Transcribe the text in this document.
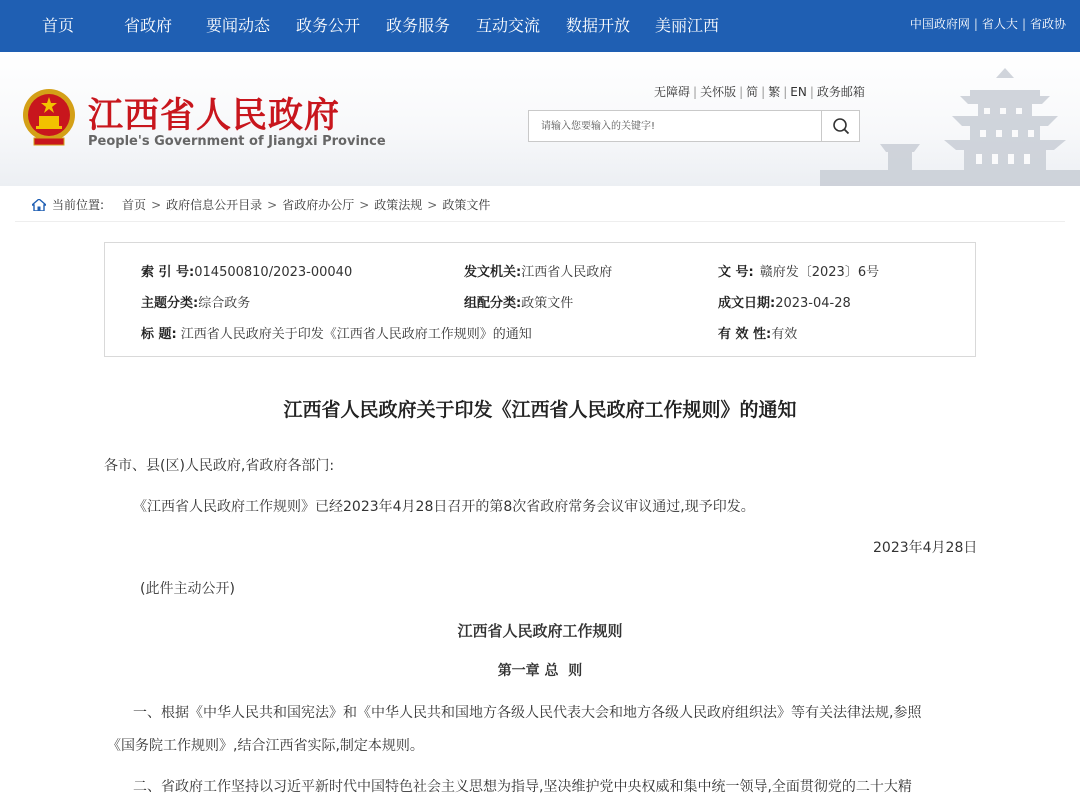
首页	省政府 要闻动态 政务公开 政务服务 互动交流 数据开放 美丽江西	中国政府网 | 省人大 | 省政协
江西省人民政府
People's Government of Jiangxi Province
无障碍 | 关怀版 | 简 | 繁 | EN | 政务邮箱
请输入您要输入的关键字!
当前位置: 首页 > 政府信息公开目录 > 省政府办公厅 > 政策法规 > 政策文件
索 引 号:014500810/2023-00040	发文机关:江西省人民政府	文 号: 赣府发〔2023〕6号
主题分类:综合政务	组配分类:政策文件	成文日期:2023-04-28
标 题: 江西省人民政府关于印发《江西省人民政府工作规则》的通知	有 效 性:有效
江西省人民政府关于印发《江西省人民政府工作规则》的通知
各市、县(区)人民政府,省政府各部门:
《江西省人民政府工作规则》已经2023年4月28日召开的第8次省政府常务会议审议通过,现予印发。
2023年4月28日
(此件主动公开)
江西省人民政府工作规则
第一章 总  则
一、根据《中华人民共和国宪法》和《中华人民共和国地方各级人民代表大会和地方各级人民政府组织法》等有关法律法规,参照
《国务院工作规则》,结合江西省实际,制定本规则。
二、省政府工作坚持以习近平新时代中国特色社会主义思想为指导,坚决维护党中央权威和集中统一领导,全面贯彻党的二十大精
